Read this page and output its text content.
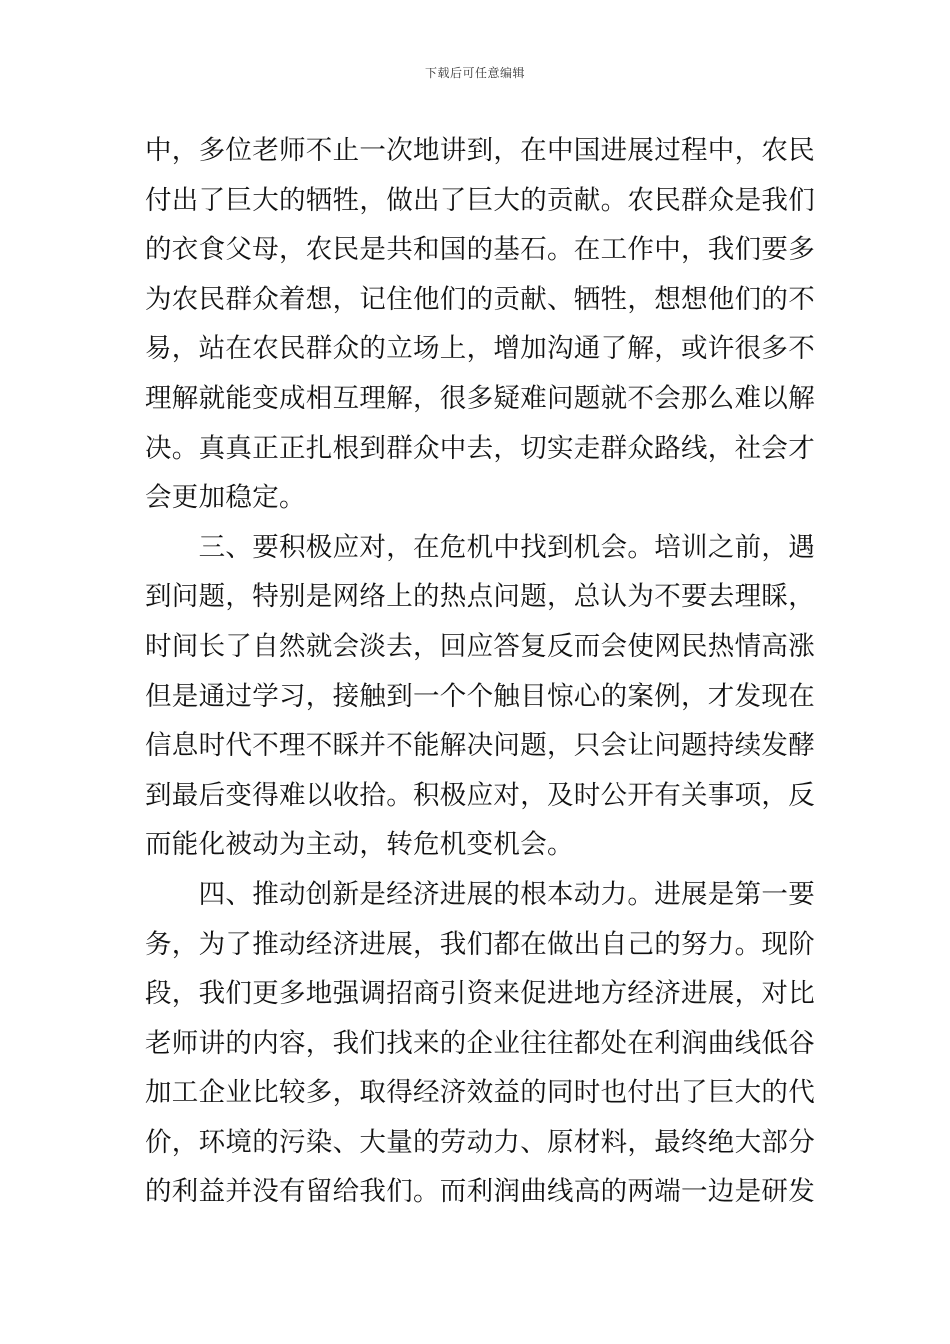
下载后可任意编辑
中，多位老师不止一次地讲到，在中国进展过程中，农民
付出了巨大的牺牲，做出了巨大的贡献。农民群众是我们
的衣食父母，农民是共和国的基石。在工作中，我们要多
为农民群众着想，记住他们的贡献、牺牲，想想他们的不
易，站在农民群众的立场上，增加沟通了解，或许很多不
理解就能变成相互理解，很多疑难问题就不会那么难以解
决。真真正正扎根到群众中去，切实走群众路线，社会才
会更加稳定。
　　三、要积极应对，在危机中找到机会。培训之前，遇
到问题，特别是网络上的热点问题，总认为不要去理睬，
时间长了自然就会淡去，回应答复反而会使网民热情高涨
但是通过学习，接触到一个个触目惊心的案例，才发现在
信息时代不理不睬并不能解决问题，只会让问题持续发酵
到最后变得难以收拾。积极应对，及时公开有关事项，反
而能化被动为主动，转危机变机会。
　　四、推动创新是经济进展的根本动力。进展是第一要
务，为了推动经济进展，我们都在做出自己的努力。现阶
段，我们更多地强调招商引资来促进地方经济进展，对比
老师讲的内容，我们找来的企业往往都处在利润曲线低谷
加工企业比较多，取得经济效益的同时也付出了巨大的代
价，环境的污染、大量的劳动力、原材料，最终绝大部分
的利益并没有留给我们。而利润曲线高的两端一边是研发
